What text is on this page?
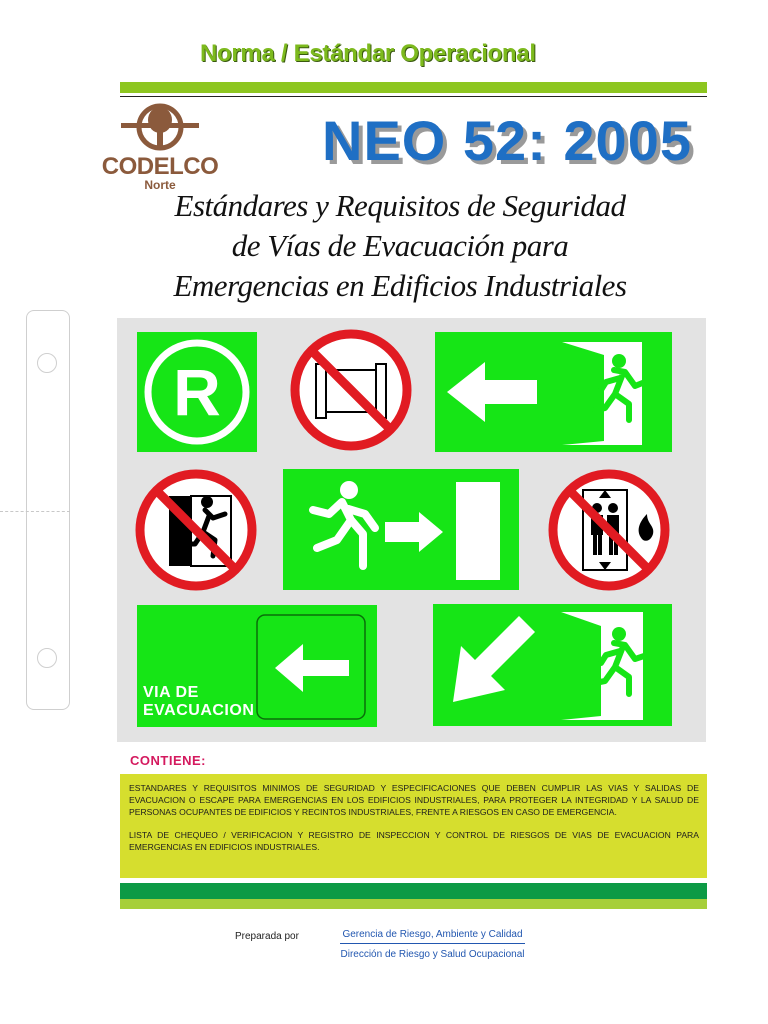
Norma / Estándar Operacional
CODELCO
Norte
NEO 52: 2005
Estándares y Requisitos de Seguridad
de Vías de Evacuación para
Emergencias en Edificios Industriales
R
VIA DE
EVACUACION
CONTIENE:

ESTANDARES Y REQUISITOS MINIMOS DE SEGURIDAD Y ESPECIFICACIONES QUE DEBEN CUMPLIR LAS VIAS Y SALIDAS DE EVACUACION O ESCAPE PARA EMERGENCIAS EN LOS EDIFICIOS INDUSTRIALES, PARA PROTEGER LA INTEGRIDAD Y LA SALUD DE PERSONAS OCUPANTES DE EDIFICIOS Y RECINTOS INDUSTRIALES, FRENTE A RIESGOS EN CASO DE EMERGENCIA.

LISTA DE CHEQUEO / VERIFICACION Y REGISTRO DE INSPECCION Y CONTROL DE RIESGOS DE VIAS DE EVACUACION PARA EMERGENCIAS EN EDIFICIOS INDUSTRIALES.

Preparada por	Gerencia de Riesgo, Ambiente y Calidad
Dirección de Riesgo y Salud Ocupacional
